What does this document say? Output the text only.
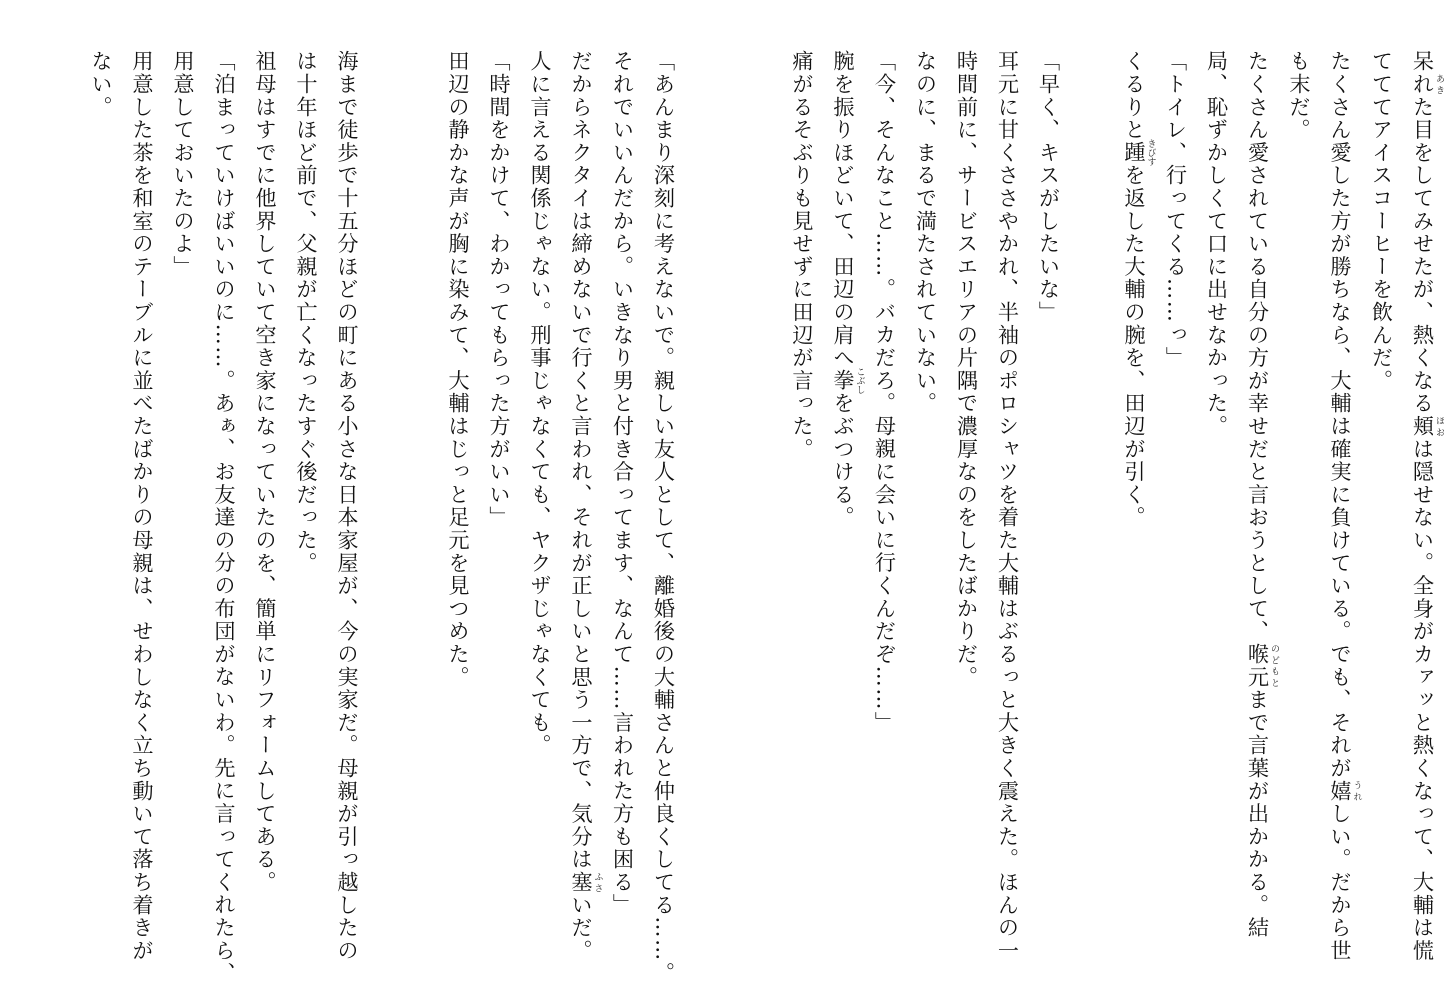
呆れあきた目をしてみせたが、熱くなる頬ほおは隠せない。全身がカァッと熱くなって、大輔は慌

てててアイスコーヒーを飲んだ。

たくさん愛した方が勝ちなら、大輔は確実に負けている。でも、それが嬉うれしい。だから世

も末だ。

たくさん愛されている自分の方が幸せだと言おうとして、喉元のどもとまで言葉が出かかる。結

局、恥ずかしくて口に出せなかった。

「トイレ、行ってくる……っ」

くるりと踵きびすを返した大輔の腕を、田辺が引く。

「早く、キスがしたいな」

耳元に甘くささやかれ、半袖のポロシャツを着た大輔はぶるっと大きく震えた。ほんの一

時間前に、サービスエリアの片隅で濃厚なのをしたばかりだ。

なのに、まるで満たされていない。

「今、そんなこと……。バカだろ。母親に会いに行くんだぞ……」

腕を振りほどいて、田辺の肩へ拳こぶしをぶつける。

痛がるそぶりも見せずに田辺が言った。

「あんまり深刻に考えないで。親しい友人として、離婚後の大輔さんと仲良くしてる……。

それでいいんだから。いきなり男と付き合ってます、なんて……言われた方も困る」

だからネクタイは締めないで行くと言われ、それが正しいと思う一方で、気分は塞ふさいだ。

人に言える関係じゃない。刑事じゃなくても、ヤクザじゃなくても。

「時間をかけて、わかってもらった方がいい」

田辺の静かな声が胸に染みて、大輔はじっと足元を見つめた。

海まで徒歩で十五分ほどの町にある小さな日本家屋が、今の実家だ。母親が引っ越したの

は十年ほど前で、父親が亡くなったすぐ後だった。

祖母はすでに他界していて空き家になっていたのを、簡単にリフォームしてある。

「泊まっていけばいいのに……。あぁ、お友達の分の布団がないわ。先に言ってくれたら、

用意しておいたのよ」

用意した茶を和室のテーブルに並べたばかりの母親は、せわしなく立ち動いて落ち着きが

ない。
